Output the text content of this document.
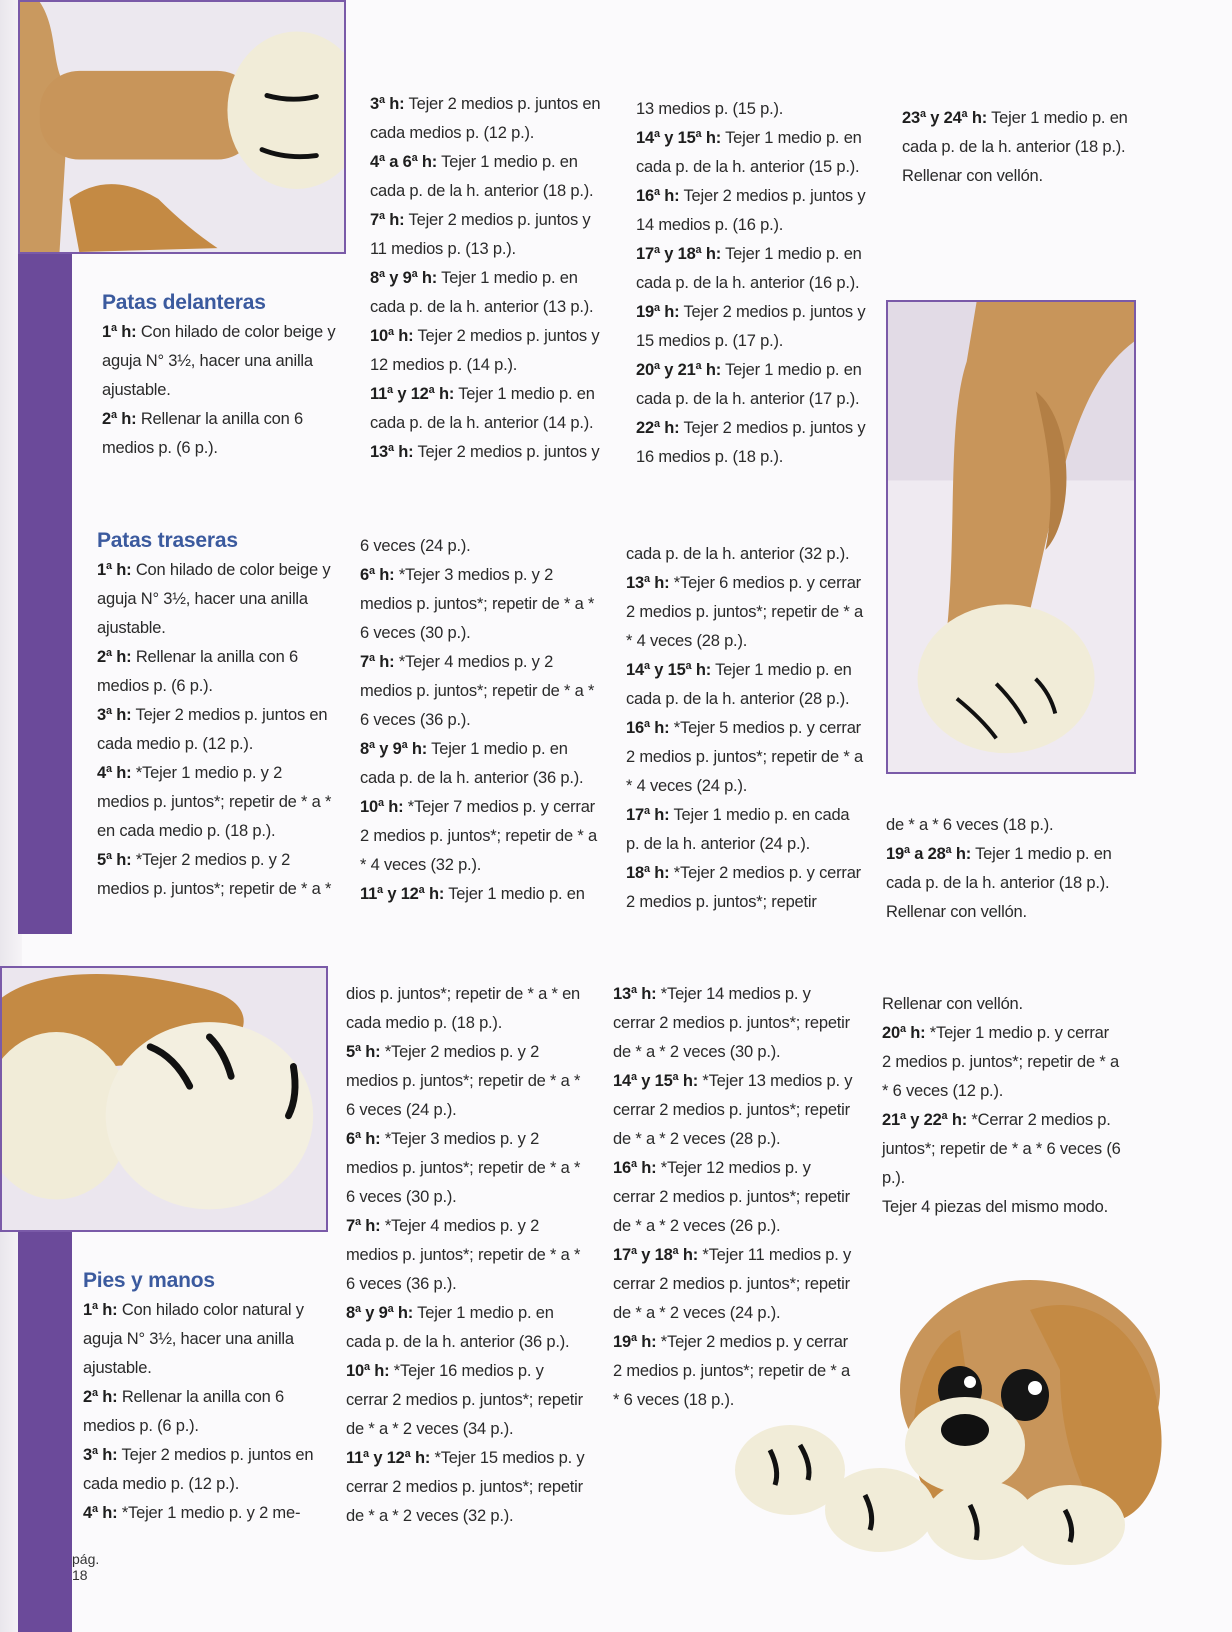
Patas delanteras

1ª h: Con hilado de color beige y aguja N° 3½, hacer una anilla ajustable.

2ª h: Rellenar la anilla con 6 medios p. (6 p.).

Patas traseras

1ª h: Con hilado de color beige y aguja N° 3½, hacer una anilla ajustable.

2ª h: Rellenar la anilla con 6 medios p. (6 p.).

3ª h: Tejer 2 medios p. juntos en cada medio p. (12 p.).

4ª h: *Tejer 1 medio p. y 2 medios p. juntos*; repetir de * a * en cada medio p. (18 p.).

5ª h: *Tejer 2 medios p. y 2 medios p. juntos*; repetir de * a *

Pies y manos

1ª h: Con hilado color natural y aguja N° 3½, hacer una anilla ajustable.

2ª h: Rellenar la anilla con 6 medios p. (6 p.).

3ª h: Tejer 2 medios p. juntos en cada medio p. (12 p.).

4ª h: *Tejer 1 medio p. y 2 me-

3ª h: Tejer 2 medios p. juntos en cada medios p. (12 p.).

4ª a 6ª h: Tejer 1 medio p. en cada p. de la h. anterior (18 p.).

7ª h: Tejer 2 medios p. juntos y 11 medios p. (13 p.).

8ª y 9ª h: Tejer 1 medio p. en cada p. de la h. anterior (13 p.).

10ª h: Tejer 2 medios p. juntos y 12 medios p. (14 p.).

11ª y 12ª h: Tejer 1 medio p. en cada p. de la h. anterior (14 p.).

13ª h: Tejer 2 medios p. juntos y

6 veces (24 p.).

6ª h: *Tejer 3 medios p. y 2 medios p. juntos*; repetir de * a * 6 veces (30 p.).

7ª h: *Tejer 4 medios p. y 2 medios p. juntos*; repetir de * a * 6 veces (36 p.).

8ª y 9ª h: Tejer 1 medio p. en cada p. de la h. anterior (36 p.).

10ª h: *Tejer 7 medios p. y cerrar 2 medios p. juntos*; repetir de * a * 4 veces (32 p.).

11ª y 12ª h: Tejer 1 medio p. en

dios p. juntos*; repetir de * a * en cada medio p. (18 p.).

5ª h: *Tejer 2 medios p. y 2 medios p. juntos*; repetir de * a * 6 veces (24 p.).

6ª h: *Tejer 3 medios p. y 2 medios p. juntos*; repetir de * a * 6 veces (30 p.).

7ª h: *Tejer 4 medios p. y 2 medios p. juntos*; repetir de * a * 6 veces (36 p.).

8ª y 9ª h: Tejer 1 medio p. en cada p. de la h. anterior (36 p.).

10ª h: *Tejer 16 medios p. y cerrar 2 medios p. juntos*; repetir de * a * 2 veces (34 p.).

11ª y 12ª h: *Tejer 15 medios p. y cerrar 2 medios p. juntos*; repetir de * a * 2 veces (32 p.).

13 medios p. (15 p.).

14ª y 15ª h: Tejer 1 medio p. en cada p. de la h. anterior (15 p.).

16ª h: Tejer 2 medios p. juntos y 14 medios p. (16 p.).

17ª y 18ª h: Tejer 1 medio p. en cada p. de la h. anterior (16 p.).

19ª h: Tejer 2 medios p. juntos y 15 medios p. (17 p.).

20ª y 21ª h: Tejer 1 medio p. en cada p. de la h. anterior (17 p.).

22ª h: Tejer 2 medios p. juntos y 16 medios p. (18 p.).

cada p. de la h. anterior (32 p.).

13ª h: *Tejer 6 medios p. y cerrar 2 medios p. juntos*; repetir de * a * 4 veces (28 p.).

14ª y 15ª h: Tejer 1 medio p. en cada p. de la h. anterior (28 p.).

16ª h: *Tejer 5 medios p. y cerrar 2 medios p. juntos*; repetir de * a * 4 veces (24 p.).

17ª h: Tejer 1 medio p. en cada p. de la h. anterior (24 p.).

18ª h: *Tejer 2 medios p. y cerrar 2 medios p. juntos*; repetir

13ª h: *Tejer 14 medios p. y cerrar 2 medios p. juntos*; repetir de * a * 2 veces (30 p.).

14ª y 15ª h: *Tejer 13 medios p. y cerrar 2 medios p. juntos*; repetir de * a * 2 veces (28 p.).

16ª h: *Tejer 12 medios p. y cerrar 2 medios p. juntos*; repetir de * a * 2 veces (26 p.).

17ª y 18ª h: *Tejer 11 medios p. y cerrar 2 medios p. juntos*; repetir de * a * 2 veces (24 p.).

19ª h: *Tejer 2 medios p. y cerrar 2 medios p. juntos*; repetir de * a * 6 veces (18 p.).

23ª y 24ª h: Tejer 1 medio p. en cada p. de la h. anterior (18 p.).

Rellenar con vellón.

de * a * 6 veces (18 p.).

19ª a 28ª h: Tejer 1 medio p. en cada p. de la h. anterior (18 p.).

Rellenar con vellón.

Rellenar con vellón.

20ª h: *Tejer 1 medio p. y cerrar 2 medios p. juntos*; repetir de * a * 6 veces (12 p.).

21ª y 22ª h: *Cerrar 2 medios p. juntos*; repetir de * a * 6 veces (6 p.).

Tejer 4 piezas del mismo modo.

pág.
18
